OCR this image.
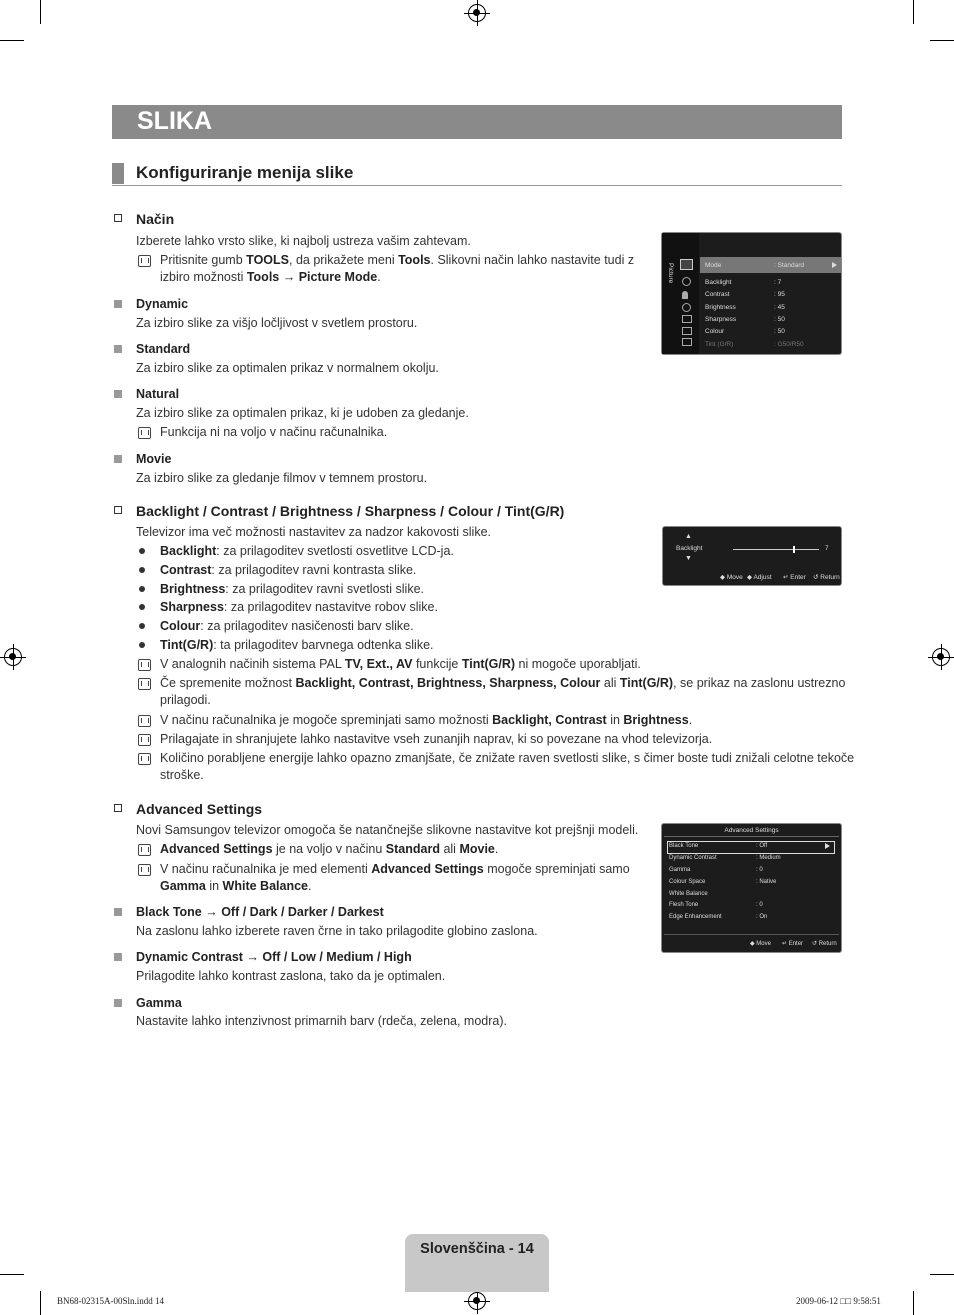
SLIKA
Konfiguriranje menija slike
Način
Izberete lahko vrsto slike, ki najbolj ustreza vašim zahtevam.
Pritisnite gumb TOOLS, da prikažete meni Tools. Slikovni način lahko nastavite tudi z
izbiro možnosti Tools → Picture Mode.
Dynamic
Za izbiro slike za višjo ločljivost v svetlem prostoru.
Standard
Za izbiro slike za optimalen prikaz v normalnem okolju.
Natural
Za izbiro slike za optimalen prikaz, ki je udoben za gledanje.
Funkcija ni na voljo v načinu računalnika.
Movie
Za izbiro slike za gledanje filmov v temnem prostoru.
Picture	Mode	: Standard
Backlight	: 7
Contrast	: 95
Brightness	: 45
Sharpness	: 50
Colour	: 50
Tint (G/R)	: G50/R50
Backlight / Contrast / Brightness / Sharpness / Colour / Tint(G/R)
Televizor ima več možnosti nastavitev za nadzor kakovosti slike.
Backlight: za prilagoditev svetlosti osvetlitve LCD-ja.
Contrast: za prilagoditev ravni kontrasta slike.
Brightness: za prilagoditev ravni svetlosti slike.
Sharpness: za prilagoditev nastavitve robov slike.
Colour: za prilagoditev nasičenosti barv slike.
Tint(G/R): ta prilagoditev barvnega odtenka slike.
V analognih načinih sistema PAL TV, Ext., AV funkcije Tint(G/R) ni mogoče uporabljati.
Če spremenite možnost Backlight, Contrast, Brightness, Sharpness, Colour ali Tint(G/R), se prikaz na zaslonu ustrezno
prilagodi.
V načinu računalnika je mogoče spreminjati samo možnosti Backlight, Contrast in Brightness.
Prilagajate in shranjujete lahko nastavitve vseh zunanjih naprav, ki so povezane na vhod televizorja.
Količino porabljene energije lahko opazno zmanjšate, če znižate raven svetlosti slike, s čimer boste tudi znižali celotne tekoče
stroške.
▲
Backlight
▼
7
◆ Move ◆ Adjust ↵ Enter ↺ Return
Advanced Settings
Novi Samsungov televizor omogoča še natančnejše slikovne nastavitve kot prejšnji modeli.
Advanced Settings je na voljo v načinu Standard ali Movie.
V načinu računalnika je med elementi Advanced Settings mogoče spreminjati samo
Gamma in White Balance.
Black Tone → Off / Dark / Darker / Darkest
Na zaslonu lahko izberete raven črne in tako prilagodite globino zaslona.
Dynamic Contrast → Off / Low / Medium / High
Prilagodite lahko kontrast zaslona, tako da je optimalen.
Gamma
Nastavite lahko intenzivnost primarnih barv (rdeča, zelena, modra).
Advanced Settings
Black Tone	: Off
Dynamic Contrast	: Medium
Gamma	: 0
Colour Space	: Native
White Balance
Flesh Tone	: 0
Edge Enhancement	: On
◆ Move ↵ Enter ↺ Return
Slovenščina - 14
BN68-02315A-00Sln.indd 14	2009-06-12 □□ 9:58:51
